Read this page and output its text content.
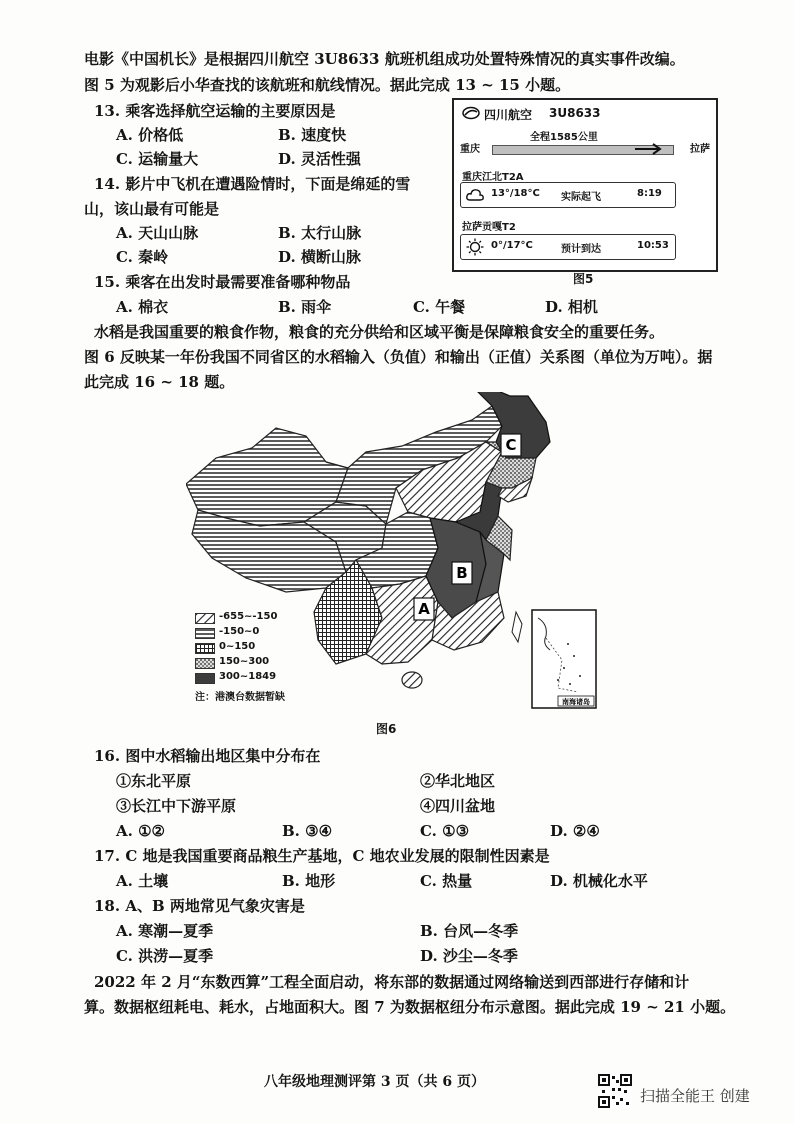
电影《中国机长》是根据四川航空 3U8633 航班机组成功处置特殊情况的真实事件改编。
图 5 为观影后小华查找的该航班和航线情况。据此完成 13 ~ 15 小题。
13. 乘客选择航空运输的主要原因是
A. 价格低	B. 速度快
C. 运输量大	D. 灵活性强
14. 影片中飞机在遭遇险情时，下面是绵延的雪
山，该山最有可能是
A. 天山山脉	B. 太行山脉
C. 秦岭	D. 横断山脉
四川航空 3U8633
重庆
全程1585公里
拉萨
重庆江北T2A
13°/18°C 实际起飞	8:19
拉萨贡嘎T2
0°/17°C	预计到达	10:53
图5
15. 乘客在出发时最需要准备哪种物品
A. 棉衣	B. 雨伞	C. 午餐	D. 相机
水稻是我国重要的粮食作物，粮食的充分供给和区域平衡是保障粮食安全的重要任务。
图 6 反映某一年份我国不同省区的水稻输入（负值）和输出（正值）关系图（单位为万吨）。据
此完成 16 ~ 18 题。
C
B
A
南海诸岛
-655~-150
-150~0
0~150
150~300
300~1849
注：港澳台数据暂缺
图6
16. 图中水稻输出地区集中分布在
①东北平原	②华北地区
③长江中下游平原	④四川盆地
A. ①②	B. ③④	C. ①③	D. ②④
17. C 地是我国重要商品粮生产基地，C 地农业发展的限制性因素是
A. 土壤	B. 地形	C. 热量	D. 机械化水平
18. A、B 两地常见气象灾害是
A. 寒潮—夏季	B. 台风—冬季
C. 洪涝—夏季	D. 沙尘—冬季
2022 年 2 月“东数西算”工程全面启动，将东部的数据通过网络输送到西部进行存储和计
算。数据枢纽耗电、耗水，占地面积大。图 7 为数据枢纽分布示意图。据此完成 19 ~ 21 小题。
八年级地理测评第 3 页（共 6 页）
扫描全能王 创建
